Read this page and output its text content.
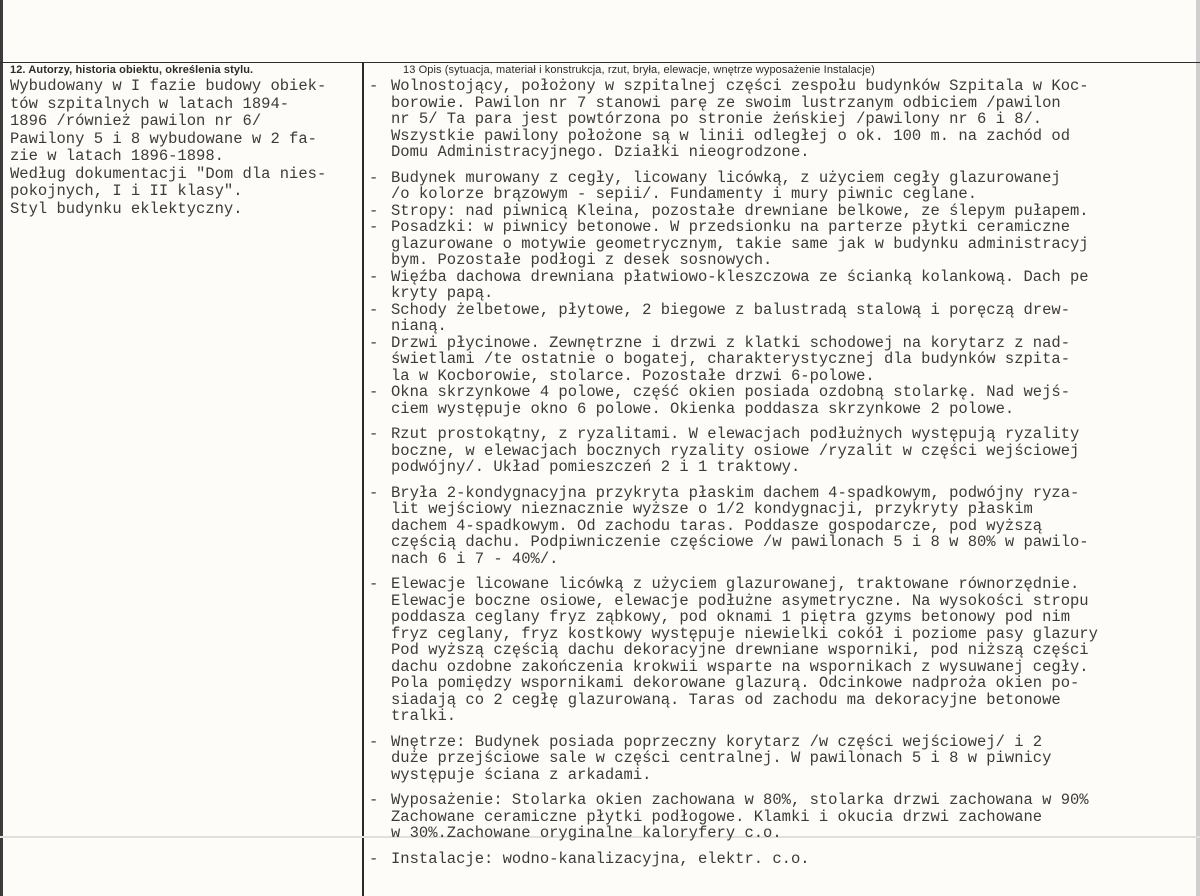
12. Autorzy, historia obiektu, określenia stylu.	13 Opis (sytuacja, materiał i konstrukcja, rzut, bryła, elewacje, wnętrze wyposażenie Instalacje)
Wybudowany w I fazie budowy obiek-
tów szpitalnych w latach 1894-
1896 /również pawilon nr 6/
Pawilony 5 i 8 wybudowane w 2 fa-
zie w latach 1896-1898.
Według dokumentacji "Dom dla nies-
pokojnych, I i II klasy".
Styl budynku eklektyczny.
- Wolnostojący, położony w szpitalnej części zespołu budynków Szpitala w Koc-
borowie. Pawilon nr 7 stanowi parę ze swoim lustrzanym odbiciem /pawilon
nr 5/ Ta para jest powtórzona po stronie żeńskiej /pawilony nr 6 i 8/.
Wszystkie pawilony położone są w linii odległej o ok. 100 m. na zachód od
Domu Administracyjnego. Działki nieogrodzone.
- Budynek murowany z cegły, licowany licówką, z użyciem cegły glazurowanej
/o kolorze brązowym - sepii/. Fundamenty i mury piwnic ceglane.
- Stropy: nad piwnicą Kleina, pozostałe drewniane belkowe, ze ślepym pułapem.
- Posadzki: w piwnicy betonowe. W przedsionku na parterze płytki ceramiczne
glazurowane o motywie geometrycznym, takie same jak w budynku administracyj
bym. Pozostałe podłogi z desek sosnowych.
- Więźba dachowa drewniana płatwiowo-kleszczowa ze ścianką kolankową. Dach pe
kryty papą.
- Schody żelbetowe, płytowe, 2 biegowe z balustradą stalową i poręczą drew-
nianą.
- Drzwi płycinowe. Zewnętrzne i drzwi z klatki schodowej na korytarz z nad-
świetlami /te ostatnie o bogatej, charakterystycznej dla budynków szpita-
la w Kocborowie, stolarce. Pozostałe drzwi 6-polowe.
- Okna skrzynkowe 4 polowe, część okien posiada ozdobną stolarkę. Nad wejś-
ciem występuje okno 6 polowe. Okienka poddasza skrzynkowe 2 polowe.
- Rzut prostokątny, z ryzalitami. W elewacjach podłużnych występują ryzality
boczne, w elewacjach bocznych ryzality osiowe /ryzalit w części wejściowej
podwójny/. Układ pomieszczeń 2 i 1 traktowy.
- Bryła 2-kondygnacyjna przykryta płaskim dachem 4-spadkowym, podwójny ryza-
lit wejściowy nieznacznie wyższe o 1/2 kondygnacji, przykryty płaskim
dachem 4-spadkowym. Od zachodu taras. Poddasze gospodarcze, pod wyższą
częścią dachu. Podpiwniczenie częściowe /w pawilonach 5 i 8 w 80% w pawilo-
nach 6 i 7 - 40%/.
- Elewacje licowane licówką z użyciem glazurowanej, traktowane równorzędnie.
Elewacje boczne osiowe, elewacje podłużne asymetryczne. Na wysokości stropu
poddasza ceglany fryz ząbkowy, pod oknami 1 piętra gzyms betonowy pod nim
fryz ceglany, fryz kostkowy występuje niewielki cokół i poziome pasy glazury
Pod wyższą częścią dachu dekoracyjne drewniane wsporniki, pod niższą części
dachu ozdobne zakończenia krokwii wsparte na wspornikach z wysuwanej cegły.
Pola pomiędzy wspornikami dekorowane glazurą. Odcinkowe nadproża okien po-
siadają co 2 cegłę glazurowaną. Taras od zachodu ma dekoracyjne betonowe
tralki.
- Wnętrze: Budynek posiada poprzeczny korytarz /w części wejściowej/ i 2
duże przejściowe sale w części centralnej. W pawilonach 5 i 8 w piwnicy
występuje ściana z arkadami.
- Wyposażenie: Stolarka okien zachowana w 80%, stolarka drzwi zachowana w 90%
Zachowane ceramiczne płytki podłogowe. Klamki i okucia drzwi zachowane
w 30%.Zachowane oryginalne kaloryfery c.o.
- Instalacje: wodno-kanalizacyjna, elektr. c.o.
